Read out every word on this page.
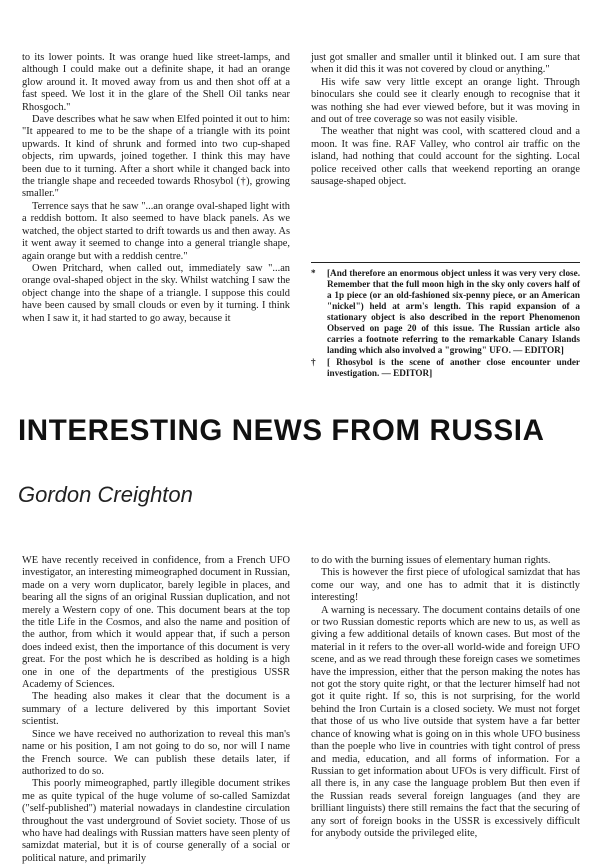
to its lower points. It was orange hued like street-lamps, and although I could make out a definite shape, it had an orange glow around it. It moved away from us and then shot off at a fast speed. We lost it in the glare of the Shell Oil tanks near Rhosgoch."

Dave describes what he saw when Elfed pointed it out to him: "It appeared to me to be the shape of a triangle with its point upwards. It kind of shrunk and formed into two cup-shaped objects, rim upwards, joined together. I think this may have been due to it turning. After a short while it changed back into the triangle shape and receeded towards Rhosybol (†), growing smaller."

Terrence says that he saw "...an orange oval-shaped light with a reddish bottom. It also seemed to have black panels. As we watched, the object started to drift towards us and then away. As it went away it seemed to change into a general triangle shape, again orange but with a reddish centre."

Owen Pritchard, when called out, immediately saw "...an orange oval-shaped object in the sky. Whilst watching I saw the object change into the shape of a triangle. I suppose this could have been caused by small clouds or even by it turning. I think when I saw it, it had started to go away, because it

just got smaller and smaller until it blinked out. I am sure that when it did this it was not covered by cloud or anything."

His wife saw very little except an orange light. Through binoculars she could see it clearly enough to recognise that it was nothing she had ever viewed before, but it was moving in and out of tree coverage so was not easily visible.

The weather that night was cool, with scattered cloud and a moon. It was fine. RAF Valley, who control air traffic on the island, had nothing that could account for the sighting. Local police received other calls that weekend reporting an orange sausage-shaped object.

*	[And therefore an enormous object unless it was very very close. Remember that the full moon high in the sky only covers half of a 1p piece (or an old-fashioned six-penny piece, or an American "nickel") held at arm's length. This rapid expansion of a stationary object is also described in the report Phenomenon Observed on page 20 of this issue. The Russian article also carries a footnote referring to the remarkable Canary Islands landing which also involved a "growing" UFO. — EDITOR]
†	[ Rhosybol is the scene of another close encounter under investigation. — EDITOR]
INTERESTING NEWS FROM RUSSIA
Gordon Creighton

WE have recently received in confidence, from a French UFO investigator, an interesting mimeographed document in Russian, made on a very worn duplicator, barely legible in places, and bearing all the signs of an original Russian duplication, and not merely a Western copy of one. This document bears at the top the title Life in the Cosmos, and also the name and position of the author, from which it would appear that, if such a person does indeed exist, then the importance of this document is very great. For the post which he is described as holding is a high one in one of the departments of the prestigious USSR Academy of Sciences.

The heading also makes it clear that the document is a summary of a lecture delivered by this important Soviet scientist.

Since we have received no authorization to reveal this man's name or his position, I am not going to do so, nor will I name the French source. We can publish these details later, if authorized to do so.

This poorly mimeographed, partly illegible document strikes me as quite typical of the huge volume of so-called Samizdat ("self-published") material nowadays in clandestine circulation throughout the vast underground of Soviet society. Those of us who have had dealings with Russian matters have seen plenty of samizdat material, but it is of course generally of a social or political nature, and primarily

to do with the burning issues of elementary human rights.

This is however the first piece of ufological samizdat that has come our way, and one has to admit that it is distinctly interesting!

A warning is necessary. The document contains details of one or two Russian domestic reports which are new to us, as well as giving a few additional details of known cases. But most of the material in it refers to the over-all world-wide and foreign UFO scene, and as we read through these foreign cases we sometimes have the impression, either that the person making the notes has not got the story quite right, or that the lecturer himself had not got it quite right. If so, this is not surprising, for the world behind the Iron Curtain is a closed society. We must not forget that those of us who live outside that system have a far better chance of knowing what is going on in this whole UFO business than the poeple who live in countries with tight control of press and media, education, and all forms of information. For a Russian to get information about UFOs is very difficult. First of all there is, in any case the language problem But then even if the Russian reads several foreign languages (and they are brilliant linguists) there still remains the fact that the securing of any sort of foreign books in the USSR is excessively difficult for anybody outside the privileged elite,
